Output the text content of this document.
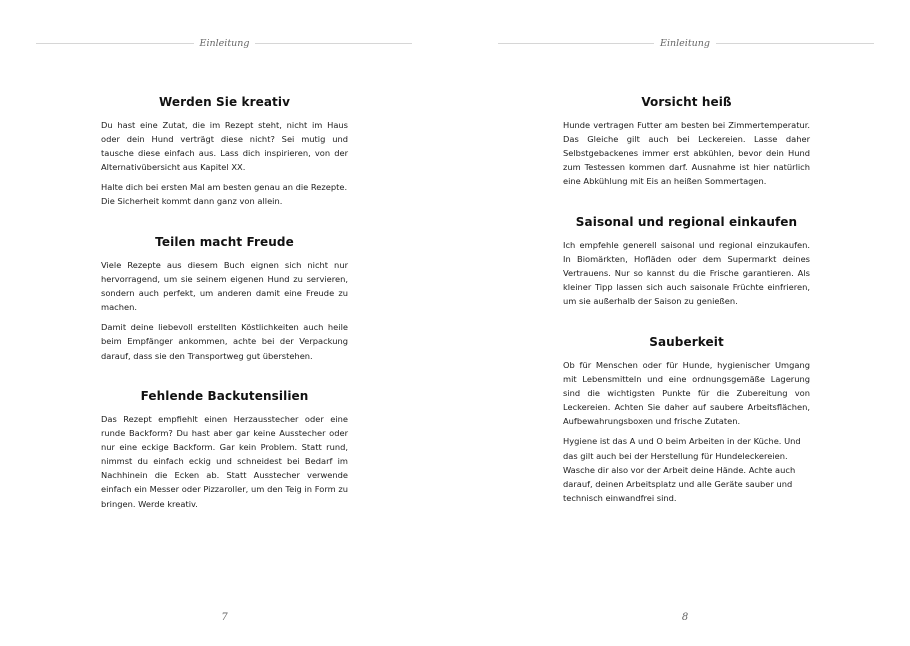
Einleitung
Werden Sie kreativ

Du hast eine Zutat, die im Rezept steht, nicht im Haus oder dein Hund verträgt diese nicht? Sei mutig und tausche diese einfach aus. Lass dich inspirieren, von der Alternativübersicht aus Kapitel XX.

Halte dich bei ersten Mal am besten genau an die Rezepte. Die Sicherheit kommt dann ganz von allein.

Teilen macht Freude

Viele Rezepte aus diesem Buch eignen sich nicht nur hervorragend, um sie seinem eigenen Hund zu servieren, sondern auch perfekt, um anderen damit eine Freude zu machen.

Damit deine liebevoll erstellten Köstlichkeiten auch heile beim Empfänger ankommen, achte bei der Verpackung darauf, dass sie den Transportweg gut überstehen.

Fehlende Backutensilien

Das Rezept empfiehlt einen Herzausstecher oder eine runde Backform? Du hast aber gar keine Ausstecher oder nur eine eckige Backform. Gar kein Problem. Statt rund, nimmst du einfach eckig und schneidest bei Bedarf im Nachhinein die Ecken ab. Statt Ausstecher verwende einfach ein Messer oder Pizzaroller, um den Teig in Form zu bringen. Werde kreativ.

7
Einleitung
Vorsicht heiß

Hunde vertragen Futter am besten bei Zimmertemperatur. Das Gleiche gilt auch bei Leckereien. Lasse daher Selbstgebackenes immer erst abkühlen, bevor dein Hund zum Testessen kommen darf. Ausnahme ist hier natürlich eine Abkühlung mit Eis an heißen Sommertagen.

Saisonal und regional einkaufen

Ich empfehle generell saisonal und regional einzukaufen. In Biomärkten, Hofläden oder dem Supermarkt deines Vertrauens. Nur so kannst du die Frische garantieren. Als kleiner Tipp lassen sich auch saisonale Früchte einfrieren, um sie außerhalb der Saison zu genießen.

Sauberkeit

Ob für Menschen oder für Hunde, hygienischer Umgang mit Lebensmitteln und eine ordnungsgemäße Lagerung sind die wichtigsten Punkte für die Zubereitung von Leckereien. Achten Sie daher auf saubere Arbeitsflächen, Aufbewahrungsboxen und frische Zutaten.

Hygiene ist das A und O beim Arbeiten in der Küche. Und das gilt auch bei der Herstellung für Hundeleckereien. Wasche dir also vor der Arbeit deine Hände. Achte auch darauf, deinen Arbeitsplatz und alle Geräte sauber und technisch einwandfrei sind.

8
